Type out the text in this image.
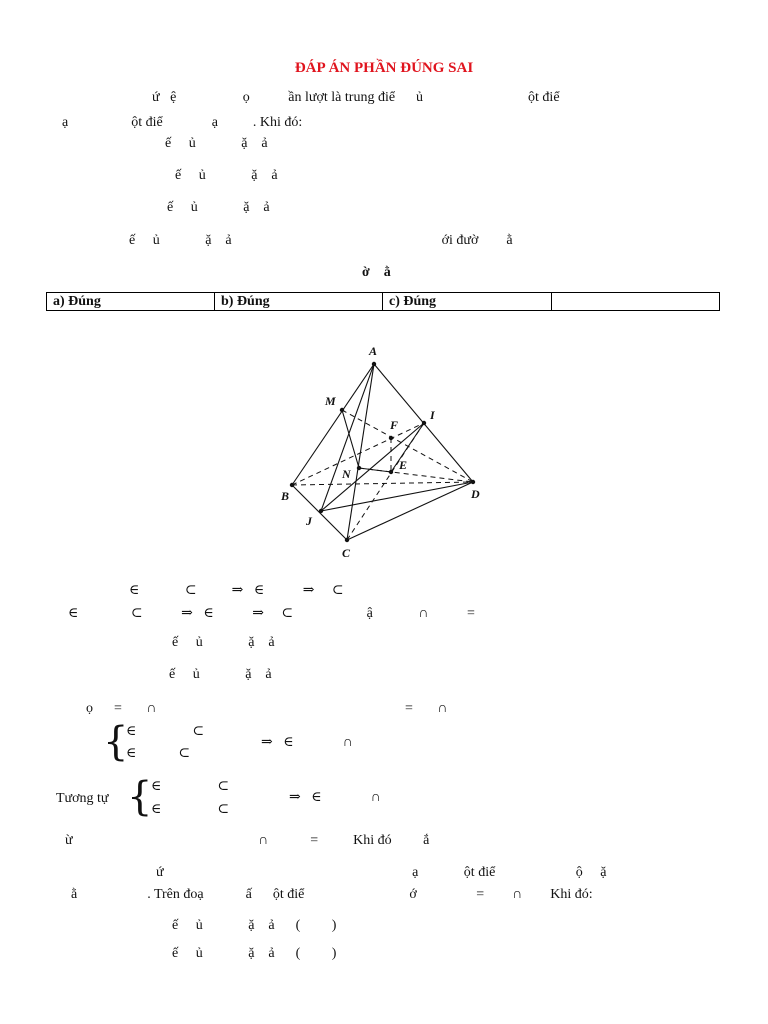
ĐÁP ÁN PHẦN ĐÚNG SAI
ứ   ệ                   ọ           ần lượt là trung điể      ủ                              ột điể
ạ                  ột điể              ạ          . Khi đó:
ế     ủ             ặ    ả
ế     ủ             ặ    ả
ế     ủ             ặ    ả
ế     ủ             ặ    ả                                                            ới đườ        ằ
ờ    ằ
a) Đúng	b) Đúng	c) Đúng	
A
M
F
I
N
E
B	D
J
C
∈             ⊂          ⇒   ∈           ⇒     ⊂
∈               ⊂           ⇒   ∈           ⇒     ⊂                     ậ             ∩           =
ế     ủ             ặ    ả
ế     ủ             ặ    ả
ọ      =       ∩                                                                       =       ∩
{
∈                ⊂
∈            ⊂
⇒   ∈              ∩
Tương tự {
∈                ⊂
∈                ⊂
⇒   ∈              ∩
ừ                                                     ∩            =          Khi đó         ắ
ứ                                                                       ạ             ột điể                       ộ     ặ
ằ                    . Trên đoạ            ấ      ột điể                              ớ                 =        ∩        Khi đó:
ế     ủ             ặ    ả      (         )
ế     ủ             ặ    ả      (         )
